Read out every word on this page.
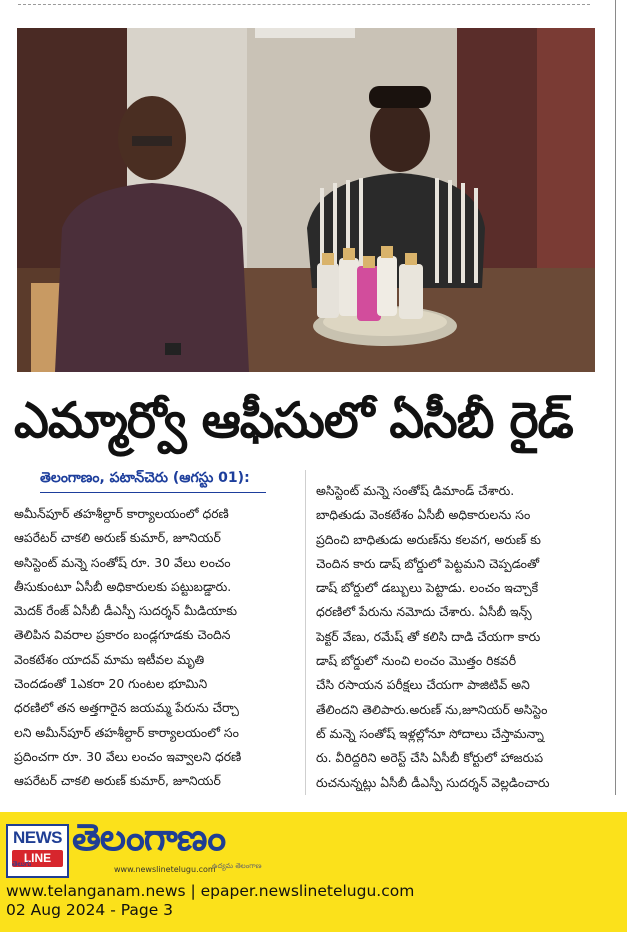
ఎమ్మార్వో ఆఫీసులో ఏసీబీ రైడ్
తెలంగాణం, పటాన్‌చెరు (ఆగస్టు 01):
అమీన్‌పూర్ తహశీల్దార్ కార్యాలయంలో ధరణి
ఆపరేటర్ చాకలి అరుణ్ కుమార్, జూనియర్
అసిస్టెంట్ మన్నె సంతోష్ రూ. 30 వేలు లంచం
తీసుకుంటూ ఏసీబీ అధికారులకు పట్టుబడ్డారు.
మెదక్ రేంజ్ ఏసీబీ డీఎస్పీ సుదర్శన్ మీడియాకు
తెలిపిన వివరాల ప్రకారం బండ్లగూడకు చెందిన
వెంకటేశం యాదవ్ మామ ఇటీవల మృతి
చెందడంతో 1ఎకరా 20 గుంటల భూమిని
ధరణిలో తన అత్తగారైన జయమ్మ పేరును చేర్చా
లని అమీన్‌పూర్ తహశీల్దార్ కార్యాలయంలో సం
ప్రదించగా రూ. 30 వేలు లంచం ఇవ్వాలని ధరణి
ఆపరేటర్ చాకలి అరుణ్ కుమార్, జూనియర్
అసిస్టెంట్ మన్నె సంతోష్ డిమాండ్ చేశారు.
బాధితుడు వెంకటేశం ఏసీబీ అధికారులను సం
ప్రదించి బాధితుడు అరుణ్‌ను కలవగ, అరుణ్ కు
చెందిన కారు డాష్ బోర్డులో పెట్టమని చెప్పడంతో
డాష్ బోర్డులో డబ్బులు పెట్టాడు. లంచం ఇచ్చాకే
ధరణిలో పేరును నమోదు చేశారు. ఏసీబీ ఇన్స్
పెక్టర్ వేణు, రమేష్ తో కలిసి దాడి చేయగా కారు
డాష్ బోర్డులో నుంచి లంచం మొత్తం రికవరీ
చేసి రసాయన పరీక్షలు చేయగా పాజిటివ్ అని
తేలిందని తెలిపారు.అరుణ్ ను,జూనియర్ అసిస్టెం
ట్ మన్నె సంతోష్ ఇళ్లల్లోనూ సోదాలు చేస్తామన్నా
రు. వీరిద్దరిని అరెస్ట్ చేసి ఏసీబీ కోర్టులో హాజరుప
రుచనున్నట్లు ఏసీబీ డీఎస్పీ సుదర్శన్ వెల్లడించారు
NEWS
LINE
తెలుగు
తెలంగాణం
www.newslinetelugu.com
ఉద్యమ తెలంగాణ
www.telanganam.news | epaper.newslinetelugu.com
02 Aug 2024 - Page 3
